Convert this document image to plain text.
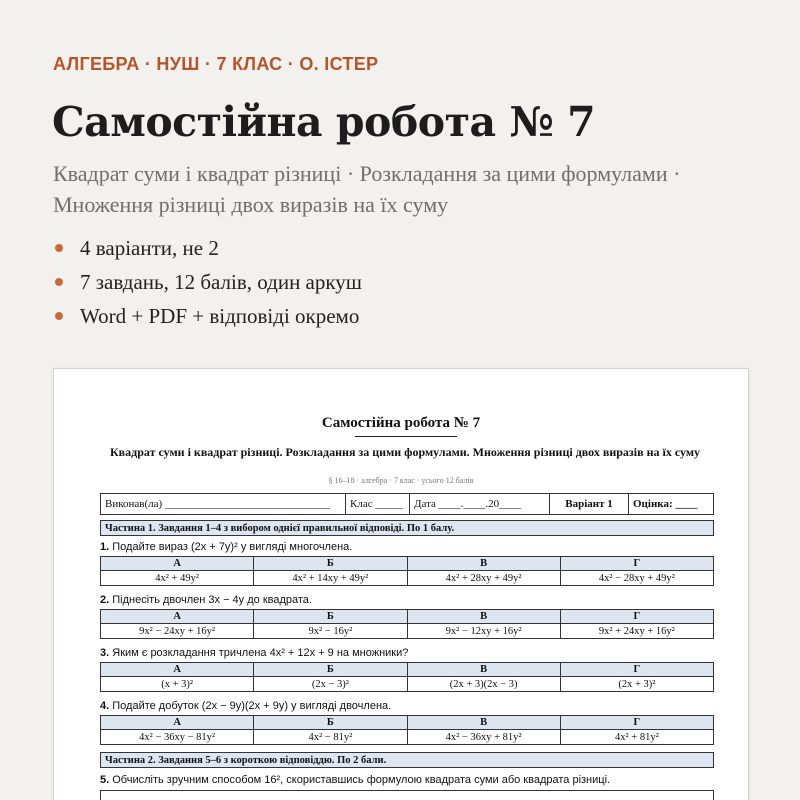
АЛГЕБРА · НУШ · 7 КЛАС · О. ІСТЕР
Самостійна робота № 7
Квадрат суми і квадрат різниці · Розкладання за цими формулами · Множення різниці двох виразів на їх суму
4 варіанти, не 2
7 завдань, 12 балів, один аркуш
Word + PDF + відповіді окремо
Самостійна робота № 7
Квадрат суми і квадрат різниці. Розкладання за цими формулами. Множення різниці двох виразів на їх суму
§ 16–18 · алгебра · 7 клас · усього 12 балів
Виконав(ла) ______________________________	Клас _____	Дата ____.____.20____	Варіант 1	Оцінка: ____
Частина 1. Завдання 1–4 з вибором однієї правильної відповіді. По 1 балу.
1. Подайте вираз (2x + 7y)² у вигляді многочлена.
А	Б	В	Г
4x² + 49y²	4x² + 14xy + 49y²	4x² + 28xy + 49y²	4x² − 28xy + 49y²
2. Піднесіть двочлен 3x − 4y до квадрата.
А	Б	В	Г
9x² − 24xy + 16y²	9x² − 16y²	9x² − 12xy + 16y²	9x² + 24xy + 16y²
3. Яким є розкладання тричлена 4x² + 12x + 9 на множники?
А	Б	В	Г
(x + 3)²	(2x − 3)²	(2x + 3)(2x − 3)	(2x + 3)²
4. Подайте добуток (2x − 9y)(2x + 9y) у вигляді двочлена.
А	Б	В	Г
4x² − 36xy − 81y²	4x² − 81y²	4x² − 36xy + 81y²	4x² + 81y²
Частина 2. Завдання 5–6 з короткою відповіддю. По 2 бали.
5. Обчисліть зручним способом 16², скориставшись формулою квадрата суми або квадрата різниці.
